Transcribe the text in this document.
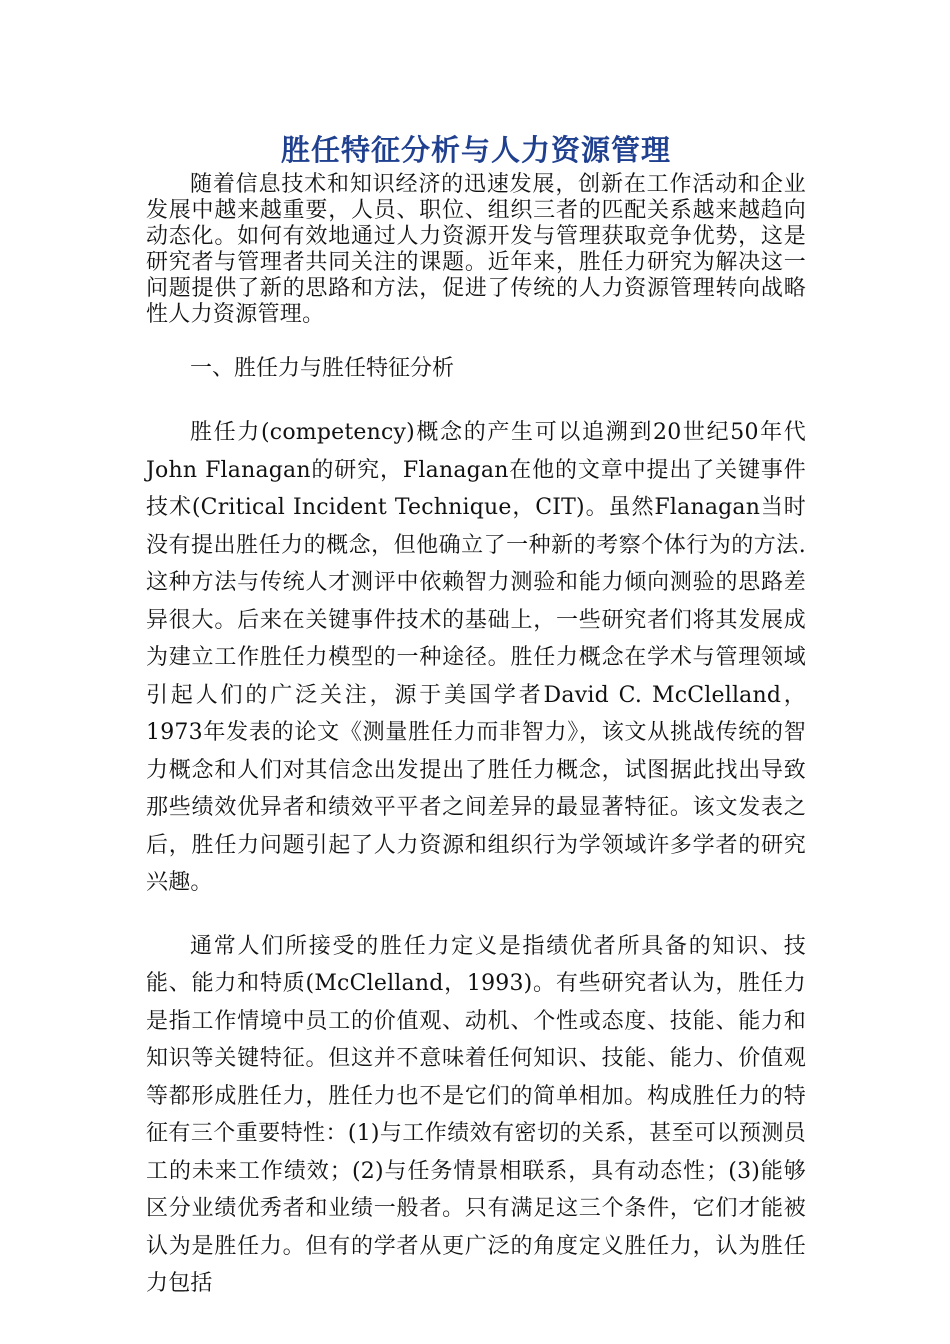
胜任特征分析与人力资源管理

随着信息技术和知识经济的迅速发展，创新在工作活动和企业发展中越来越重要，人员、职位、组织三者的匹配关系越来越趋向动态化。如何有效地通过人力资源开发与管理获取竞争优势，这是研究者与管理者共同关注的课题。近年来，胜任力研究为解决这一问题提供了新的思路和方法，促进了传统的人力资源管理转向战略性人力资源管理。

一、胜任力与胜任特征分析

胜任力(competency)概念的产生可以追溯到20世纪50年代John Flanagan的研究，Flanagan在他的文章中提出了关键事件技术(Critical Incident Technique，CIT)。虽然Flanagan当时没有提出胜任力的概念，但他确立了一种新的考察个体行为的方法.这种方法与传统人才测评中依赖智力测验和能力倾向测验的思路差异很大。后来在关键事件技术的基础上，一些研究者们将其发展成为建立工作胜任力模型的一种途径。胜任力概念在学术与管理领域引起人们的广泛关注，源于美国学者David C. McClelland，1973年发表的论文《测量胜任力而非智力》，该文从挑战传统的智力概念和人们对其信念出发提出了胜任力概念，试图据此找出导致那些绩效优异者和绩效平平者之间差异的最显著特征。该文发表之后，胜任力问题引起了人力资源和组织行为学领域许多学者的研究兴趣。

通常人们所接受的胜任力定义是指绩优者所具备的知识、技能、能力和特质(McClelland，1993)。有些研究者认为，胜任力是指工作情境中员工的价值观、动机、个性或态度、技能、能力和知识等关键特征。但这并不意味着任何知识、技能、能力、价值观等都形成胜任力，胜任力也不是它们的简单相加。构成胜任力的特征有三个重要特性：(1)与工作绩效有密切的关系，甚至可以预测员工的未来工作绩效；(2)与任务情景相联系，具有动态性；(3)能够区分业绩优秀者和业绩一般者。只有满足这三个条件，它们才能被认为是胜任力。但有的学者从更广泛的角度定义胜任力，认为胜任力包括
